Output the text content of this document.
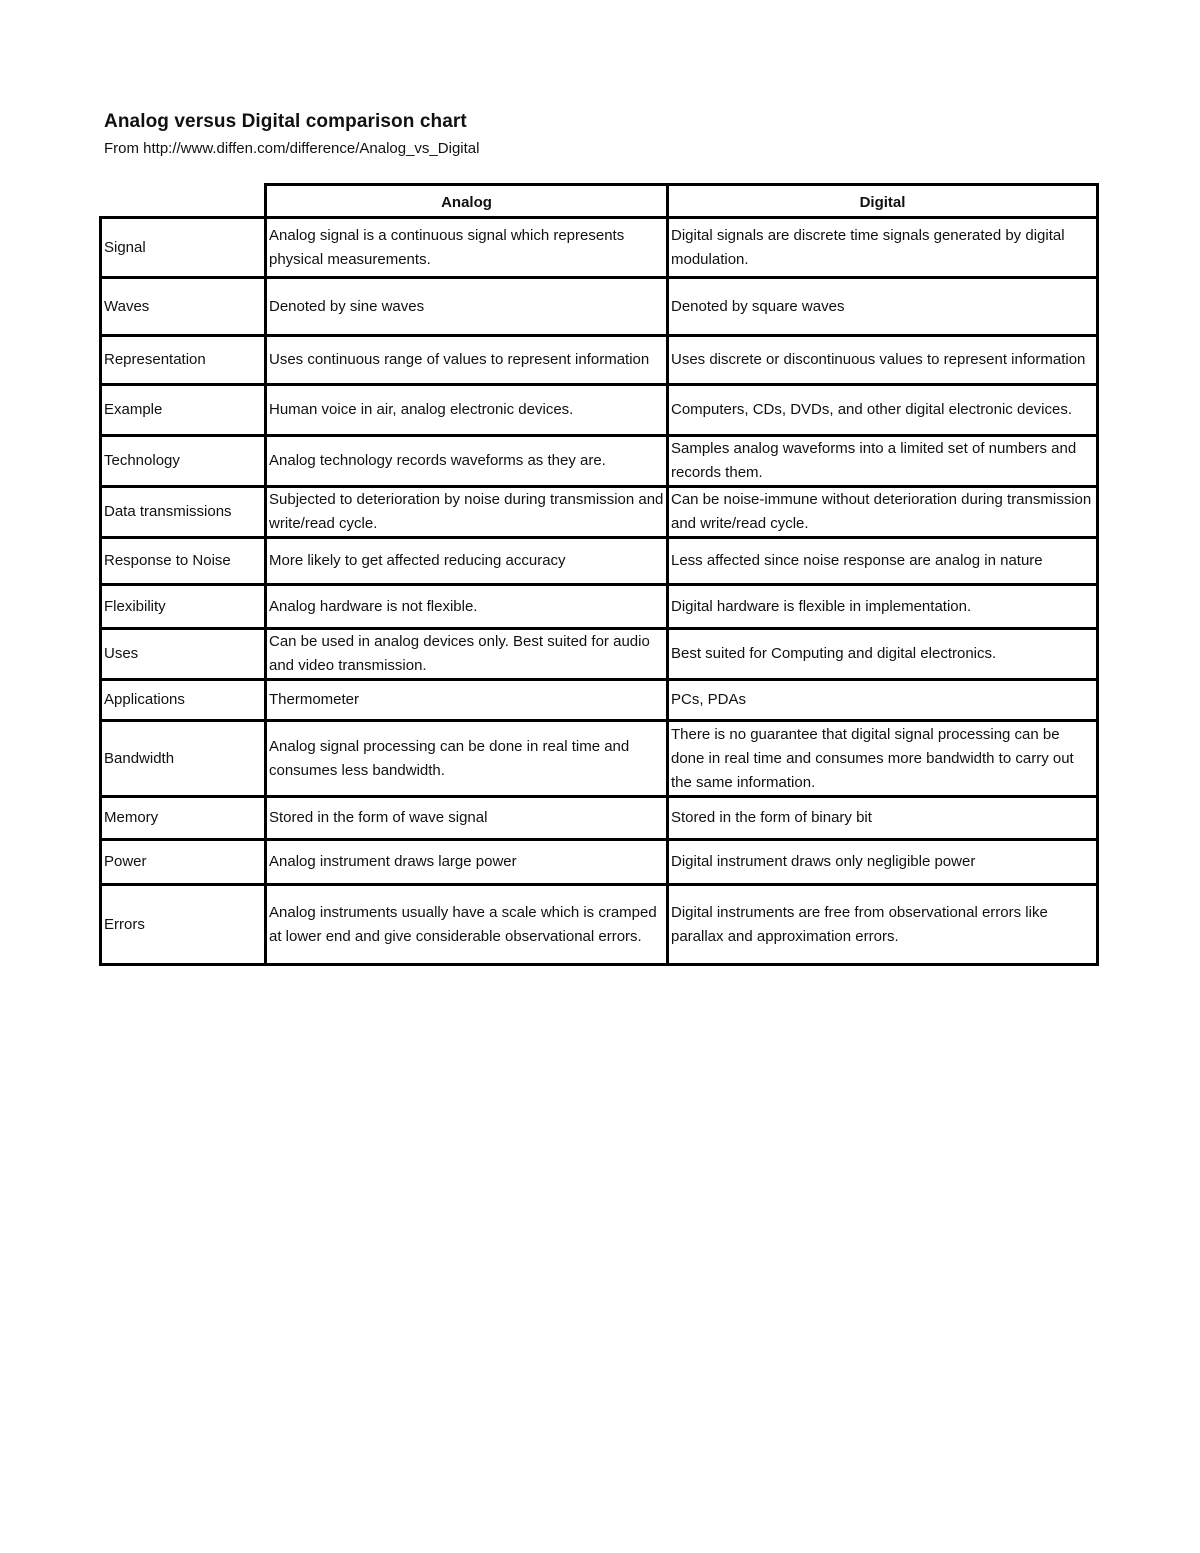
Analog versus Digital comparison chart

From http://www.diffen.com/difference/Analog_vs_Digital

	Analog	Digital
Signal	Analog signal is a continuous signal which represents physical measurements.	Digital signals are discrete time signals generated by digital modulation.
Waves	Denoted by sine waves	Denoted by square waves
Representation	Uses continuous range of values to represent information	Uses discrete or discontinuous values to represent information
Example	Human voice in air, analog electronic devices.	Computers, CDs, DVDs, and other digital electronic devices.
Technology	Analog technology records waveforms as they are.	Samples analog waveforms into a limited set of numbers and records them.
Data transmissions	Subjected to deterioration by noise during transmission and write/read cycle.	Can be noise-immune without deterioration during transmission and write/read cycle.
Response to Noise	More likely to get affected reducing accuracy	Less affected since noise response are analog in nature
Flexibility	Analog hardware is not flexible.	Digital hardware is flexible in implementation.
Uses	Can be used in analog devices only. Best suited for audio and video transmission.	Best suited for Computing and digital electronics.
Applications	Thermometer	PCs, PDAs
Bandwidth	Analog signal processing can be done in real time and consumes less bandwidth.	There is no guarantee that digital signal processing can be done in real time and consumes more bandwidth to carry out the same information.
Memory	Stored in the form of wave signal	Stored in the form of binary bit
Power	Analog instrument draws large power	Digital instrument draws only negligible power
Errors	Analog instruments usually have a scale which is cramped at lower end and give considerable observational errors.	Digital instruments are free from observational errors like parallax and approximation errors.
